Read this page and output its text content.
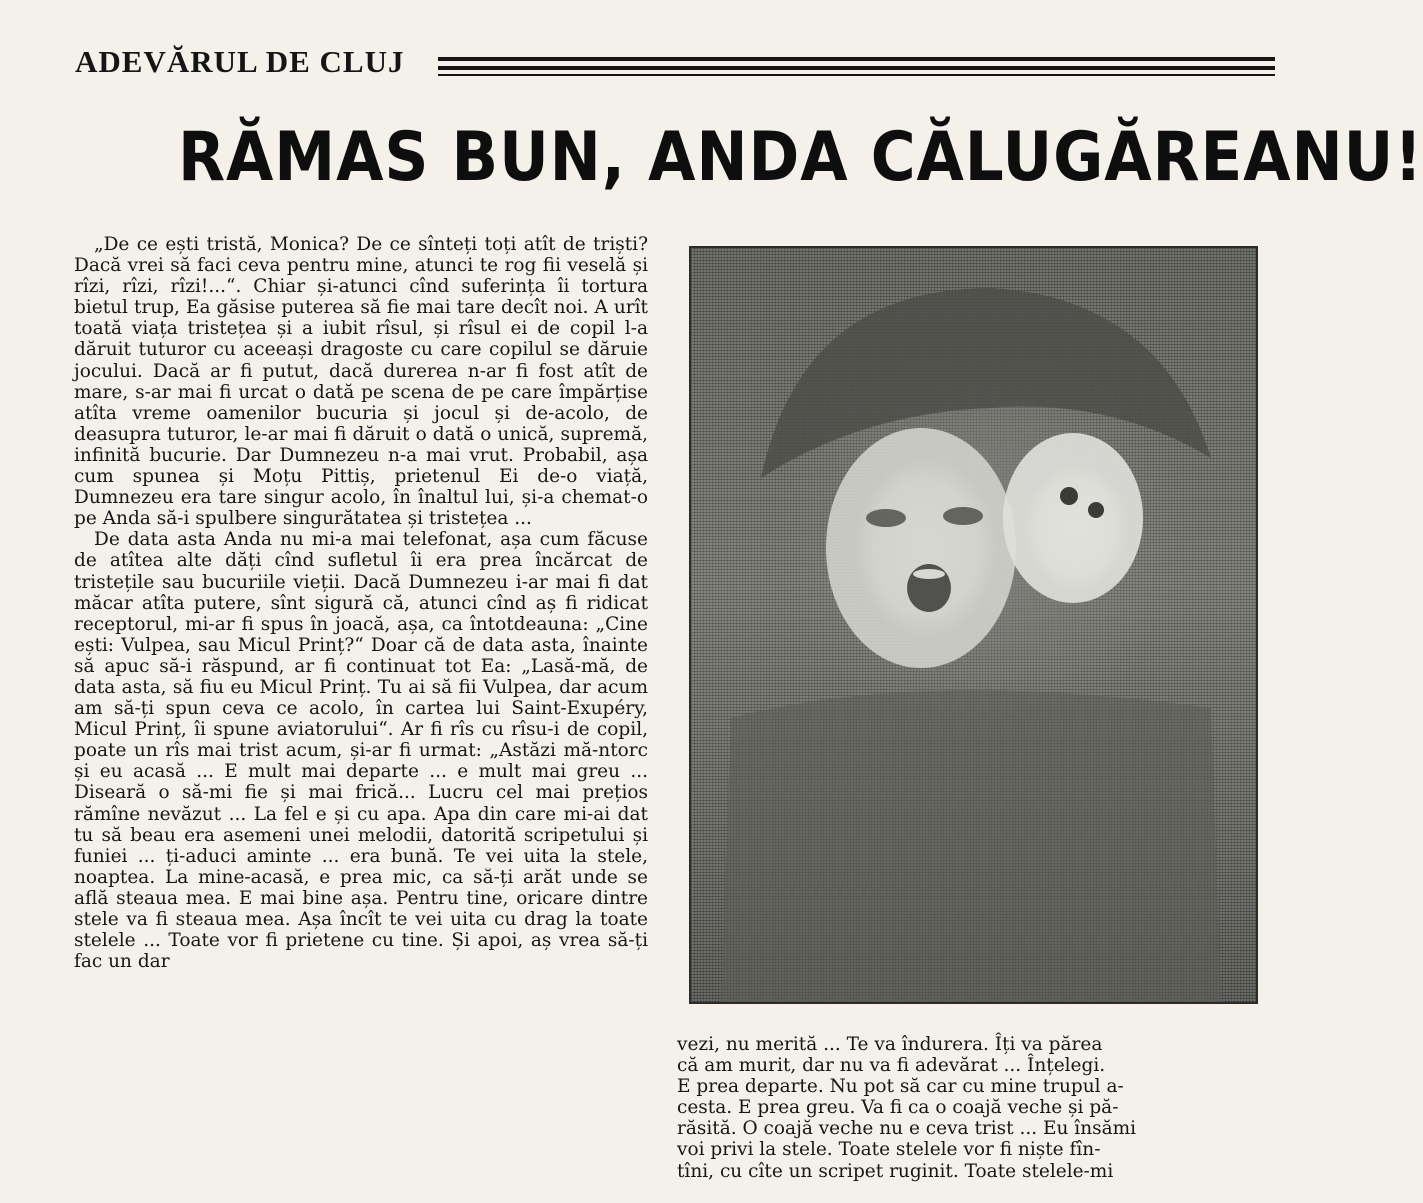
ADEVĂRUL DE CLUJ
RĂMAS BUN, ANDA CĂLUGĂREANU!

„De ce ești tristă, Monica? De ce sînteți toți atît de triști? Dacă vrei să faci ceva pentru mine, atunci te rog fii veselă și rîzi, rîzi, rîzi!...“. Chiar și-atunci cînd suferința îi tortura bietul trup, Ea găsise puterea să fie mai tare decît noi. A urît toată viața tristețea și a iubit rîsul, și rîsul ei de copil l-a dăruit tuturor cu aceeași dragoste cu care copilul se dăruie jocului. Dacă ar fi putut, dacă durerea n-ar fi fost atît de mare, s-ar mai fi urcat o dată pe scena de pe care împărțise atîta vreme oamenilor bucuria și jocul și de-acolo, de deasupra tuturor, le-ar mai fi dăruit o dată o unică, supremă, infinită bucurie. Dar Dumnezeu n-a mai vrut. Probabil, așa cum spunea și Moțu Pittiș, prietenul Ei de-o viață, Dumnezeu era tare singur acolo, în înaltul lui, și-a chemat-o pe Anda să-i spulbere singurătatea și tristețea ...

De data asta Anda nu mi-a mai telefonat, așa cum făcuse de atîtea alte dăți cînd sufletul îi era prea încărcat de tristețile sau bucuriile vieții. Dacă Dumnezeu i-ar mai fi dat măcar atîta putere, sînt sigură că, atunci cînd aș fi ridicat receptorul, mi-ar fi spus în joacă, așa, ca întotdeauna: „Cine ești: Vulpea, sau Micul Prinț?“ Doar că de data asta, înainte să apuc să-i răspund, ar fi continuat tot Ea: „Lasă-mă, de data asta, să fiu eu Micul Prinț. Tu ai să fii Vulpea, dar acum am să-ți spun ceva ce acolo, în cartea lui Saint-Exupéry, Micul Prinț, îi spune aviatorului“. Ar fi rîs cu rîsu-i de copil, poate un rîs mai trist acum, și-ar fi urmat: „Astăzi mă-ntorc și eu acasă ... E mult mai departe ... e mult mai greu ... Diseară o să-mi fie și mai frică... Lucru cel mai prețios rămîne nevăzut ... La fel e și cu apa. Apa din care mi-ai dat tu să beau era asemeni unei melodii, datorită scripetului și funiei ... ți-aduci aminte ... era bună. Te vei uita la stele, noaptea. La mine-acasă, e prea mic, ca să-ți arăt unde se află steaua mea. E mai bine așa. Pentru tine, oricare dintre stele va fi steaua mea. Așa încît te vei uita cu drag la toate stelele ... Toate vor fi prietene cu tine. Și apoi, aș vrea să-ți fac un dar

vezi, nu merită ... Te va îndurera. Îți va părea
că am murit, dar nu va fi adevărat ... Înțelegi.
E prea departe. Nu pot să car cu mine trupul a-
cesta. E prea greu. Va fi ca o coajă veche și pă-
răsită. O coajă veche nu e ceva trist ... Eu însămi
voi privi la stele. Toate stelele vor fi niște fîn-
tîni, cu cîte un scripet ruginit. Toate stelele-mi
